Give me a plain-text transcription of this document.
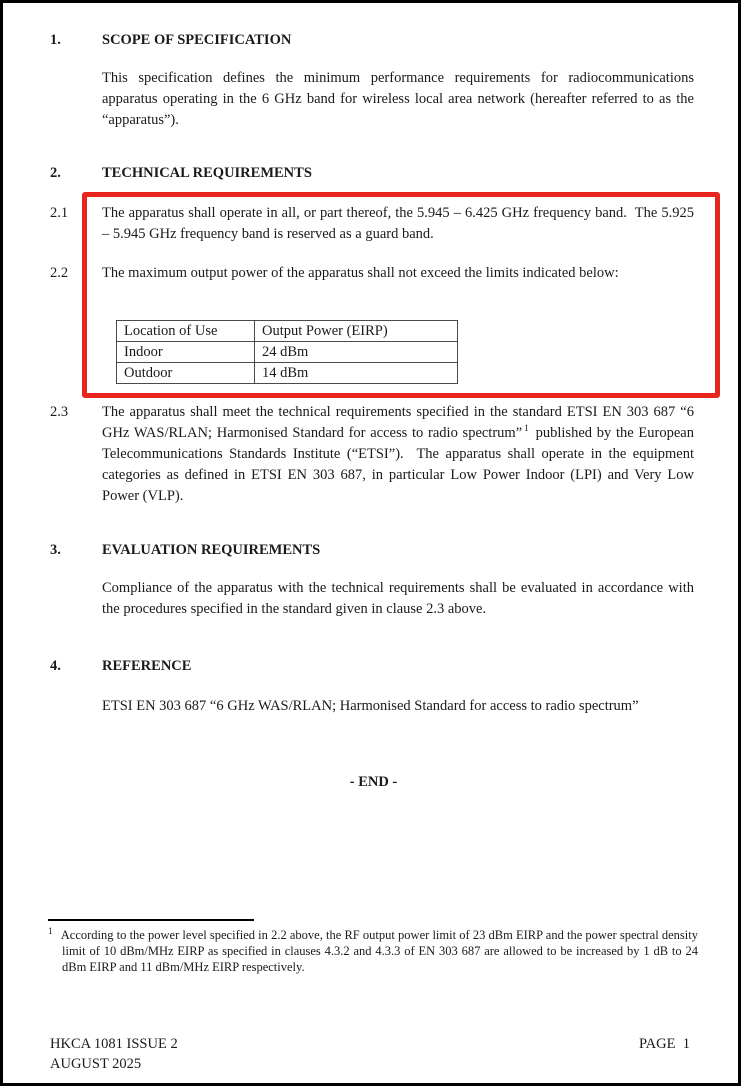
1.	SCOPE OF SPECIFICATION
This specification defines the minimum performance requirements for radiocommunications apparatus operating in the 6 GHz band for wireless local area network (hereafter referred to as the “apparatus”).
2.	TECHNICAL REQUIREMENTS
2.1 The apparatus shall operate in all, or part thereof, the 5.945 – 6.425 GHz frequency band.  The 5.925 – 5.945 GHz frequency band is reserved as a guard band.
2.2 The maximum output power of the apparatus shall not exceed the limits indicated below:
Location of Use	Output Power (EIRP)
Indoor	24 dBm
Outdoor	14 dBm
2.3 The apparatus shall meet the technical requirements specified in the standard ETSI EN 303 687 “6 GHz WAS/RLAN; Harmonised Standard for access to radio spectrum” $^1$ published by the European Telecommunications Standards Institute (“ETSI”).  The apparatus shall operate in the equipment categories as defined in ETSI EN 303 687, in particular Low Power Indoor (LPI) and Very Low Power (VLP).
3.	EVALUATION REQUIREMENTS
Compliance of the apparatus with the technical requirements shall be evaluated in accordance with the procedures specified in the standard given in clause 2.3 above.
4.	REFERENCE
ETSI EN 303 687 “6 GHz WAS/RLAN; Harmonised Standard for access to radio spectrum”
- END -
$^1$ According to the power level specified in 2.2 above, the RF output power limit of 23 dBm EIRP and the power spectral density limit of 10 dBm/MHz EIRP as specified in clauses 4.3.2 and 4.3.3 of EN 303 687 are allowed to be increased by 1 dB to 24 dBm EIRP and 11 dBm/MHz EIRP respectively.
HKCA 1081 ISSUE 2
AUGUST 2025
PAGE  1
